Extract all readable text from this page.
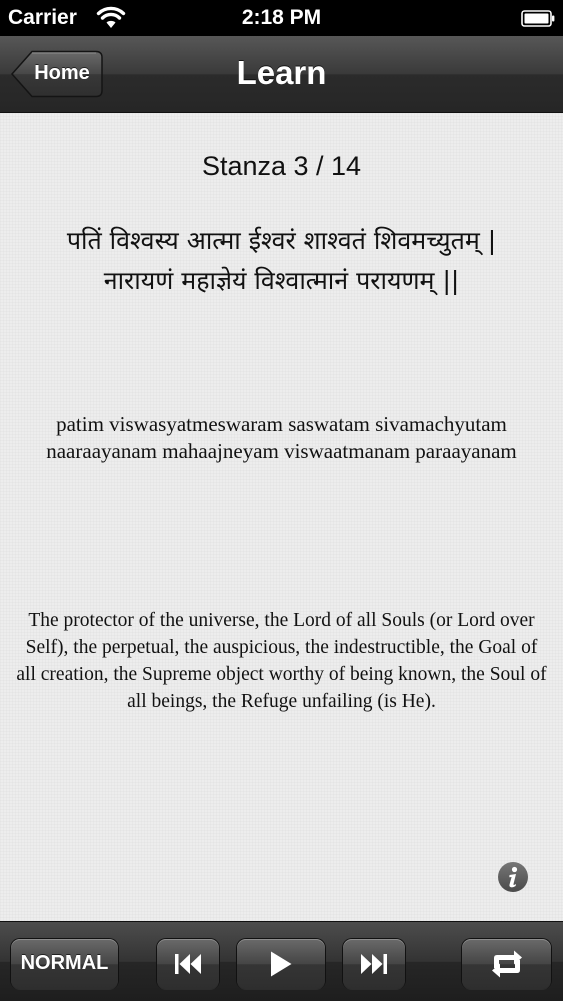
Carrier	2:18 PM
Home	Learn
Stanza 3 / 14
पतिं विश्वस्य आत्मा ईश्वरं शाश्वतं शिवमच्युतम् |
नारायणं महाज्ञेयं विश्वात्मानं परायणम् ||
patim viswasyatmeswaram saswatam sivamachyutam naaraayanam mahaajneyam viswaatmanam paraayanam
The protector of the universe, the Lord of all Souls (or Lord over Self), the perpetual, the auspicious, the indestructible, the Goal of all creation, the Supreme object worthy of being known, the Soul of all beings, the Refuge unfailing (is He).
NORMAL
